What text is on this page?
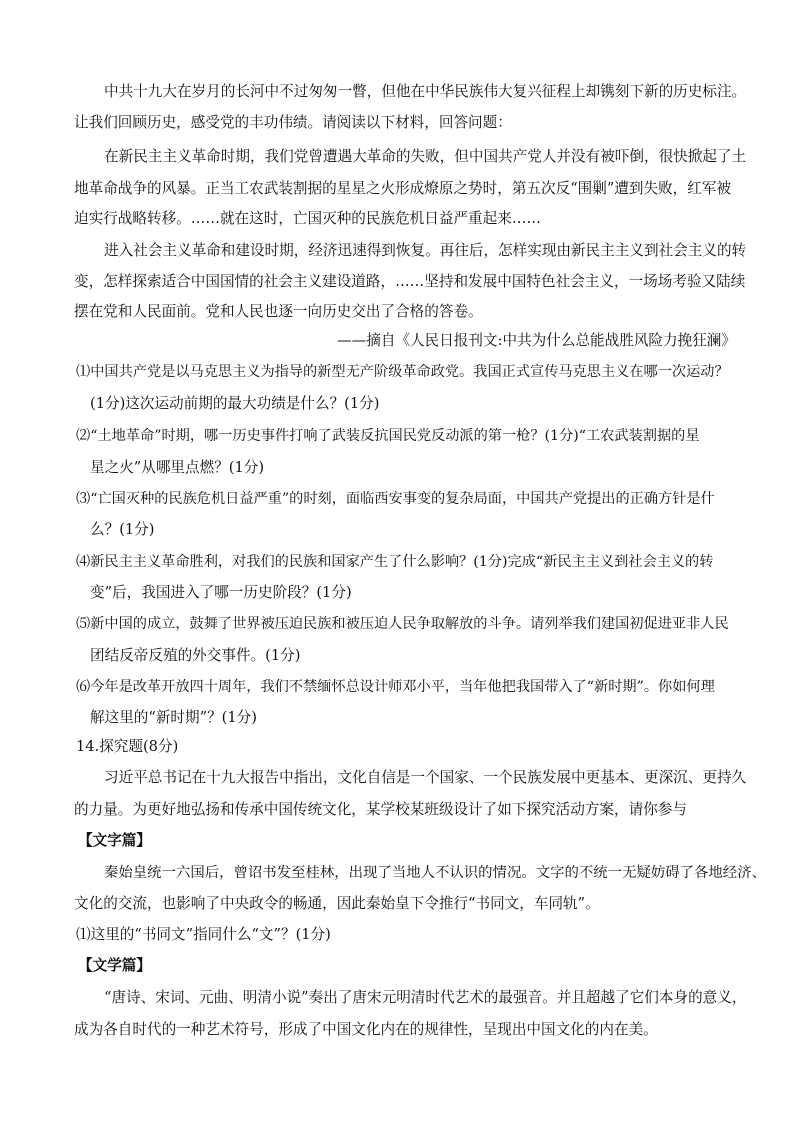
中共十九大在岁月的长河中不过匆匆一瞥，但他在中华民族伟大复兴征程上却镌刻下新的历史标注。
让我们回顾历史，感受党的丰功伟绩。请阅读以下材料，回答问题：
在新民主主义革命时期，我们党曾遭遇大革命的失败，但中国共产党人并没有被吓倒，很快掀起了土
地革命战争的风暴。正当工农武装割据的星星之火形成燎原之势时，第五次反“围剿”遭到失败，红军被
迫实行战略转移。……就在这时，亡国灭种的民族危机日益严重起来……
进入社会主义革命和建设时期，经济迅速得到恢复。再往后，怎样实现由新民主主义到社会主义的转
变，怎样探索适合中国国情的社会主义建设道路，……坚持和发展中国特色社会主义，一场场考验又陆续
摆在党和人民面前。党和人民也逐一向历史交出了合格的答卷。
——摘自《人民日报刊文:中共为什么总能战胜风险力挽狂澜》
⑴中国共产党是以马克思主义为指导的新型无产阶级革命政党。我国正式宣传马克思主义在哪一次运动？
(1分)这次运动前期的最大功绩是什么？(1分)
⑵“土地革命”时期，哪一历史事件打响了武装反抗国民党反动派的第一枪？(1分)“工农武装割据的星
星之火”从哪里点燃？(1分)
⑶“亡国灭种的民族危机日益严重”的时刻，面临西安事变的复杂局面，中国共产党提出的正确方针是什
么？(1分)
⑷新民主主义革命胜利，对我们的民族和国家产生了什么影响？(1分)完成“新民主主义到社会主义的转
变”后，我国进入了哪一历史阶段？(1分)
⑸新中国的成立，鼓舞了世界被压迫民族和被压迫人民争取解放的斗争。请列举我们建国初促进亚非人民
团结反帝反殖的外交事件。(1分)
⑹今年是改革开放四十周年，我们不禁缅怀总设计师邓小平，当年他把我国带入了“新时期”。你如何理
解这里的“新时期”？(1分)
14.探究题(8分)
习近平总书记在十九大报告中指出，文化自信是一个国家、一个民族发展中更基本、更深沉、更持久
的力量。为更好地弘扬和传承中国传统文化，某学校某班级设计了如下探究活动方案，请你参与
【文字篇】
秦始皇统一六国后，曾诏书发至桂林，出现了当地人不认识的情况。文字的不统一无疑妨碍了各地经济、
文化的交流，也影响了中央政令的畅通，因此秦始皇下令推行“书同文，车同轨”。
⑴这里的“书同文”指同什么“文”？(1分)
【文学篇】
“唐诗、宋词、元曲、明清小说”奏出了唐宋元明清时代艺术的最强音。并且超越了它们本身的意义，
成为各自时代的一种艺术符号，形成了中国文化内在的规律性，呈现出中国文化的内在美。
